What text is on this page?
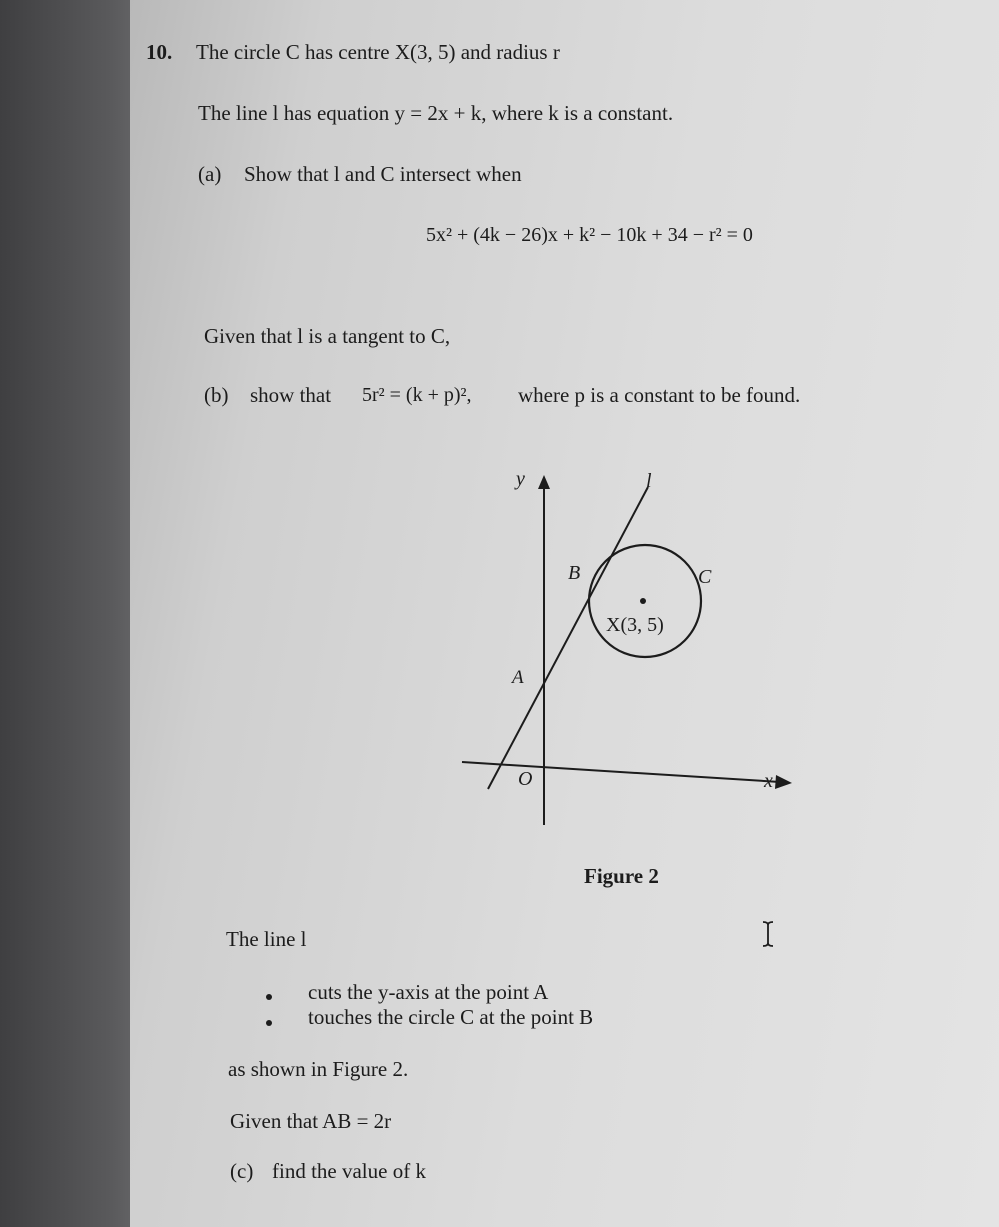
10. The circle C has centre X(3, 5) and radius r
The line l has equation y = 2x + k, where k is a constant.
(a) Show that l and C intersect when
5x² + (4k − 26)x + k² − 10k + 34 − r² = 0
Given that l is a tangent to C,
(b) show that 5r² = (k + p)², where p is a constant to be found.
y
x
O
l
C
A
B
X(3, 5)
Figure 2
The line l
cuts the y-axis at the point A
touches the circle C at the point B
as shown in Figure 2.
Given that AB = 2r
(c) find the value of k
